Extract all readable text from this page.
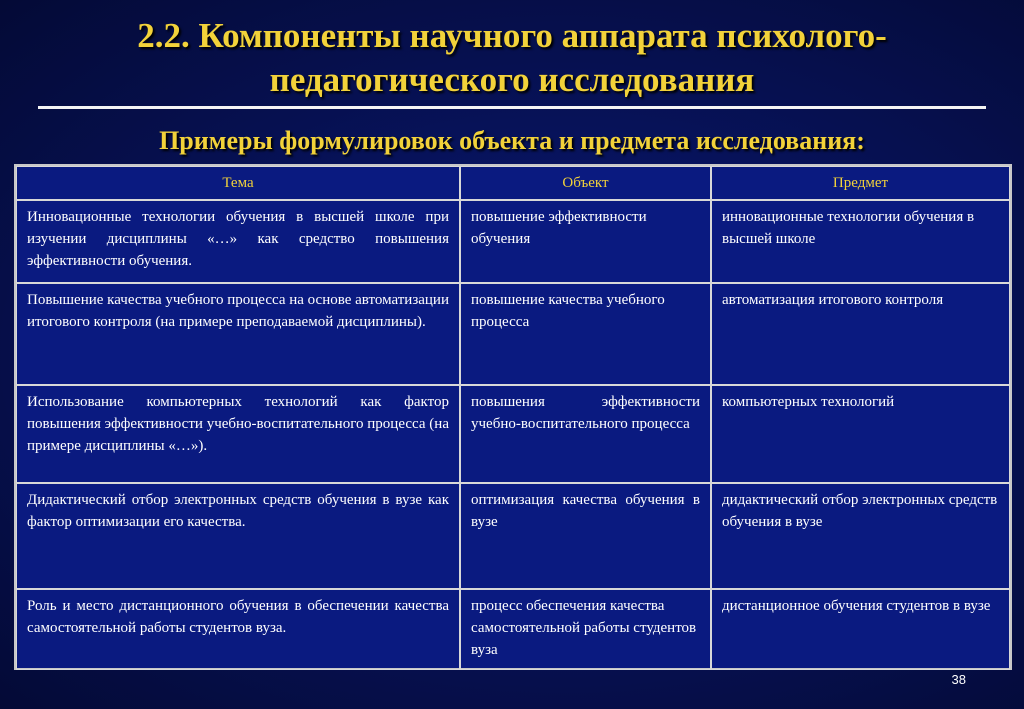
2.2. Компоненты научного аппарата психолого-
педагогического исследования
Примеры формулировок объекта и предмета исследования:
Тема	Объект	Предмет
Инновационные технологии обучения в высшей школе при изучении дисциплины «…» как средство повышения эффективности обучения.	повышение эффективности обучения	инновационные технологии обучения в высшей школе
Повышение качества учебного процесса на основе автоматизации итогового контроля (на примере преподаваемой дисциплины).	повышение качества учебного процесса	автоматизация итогового контроля
Использование компьютерных технологий как фактор повышения эффективности учебно-воспитательного процесса (на примере дисциплины «…»).	повышения эффективности учебно-воспитательного процесса	компьютерных технологий
Дидактический отбор электронных средств обучения в вузе как фактор оптимизации его качества.	оптимизация качества обучения в вузе	дидактический отбор электронных средств обучения в вузе
Роль и место дистанционного обучения в обеспечении качества самостоятельной работы студентов вуза.	процесс обеспечения качества самостоятельной работы студентов вуза	дистанционное обучения студентов в вузе
38
